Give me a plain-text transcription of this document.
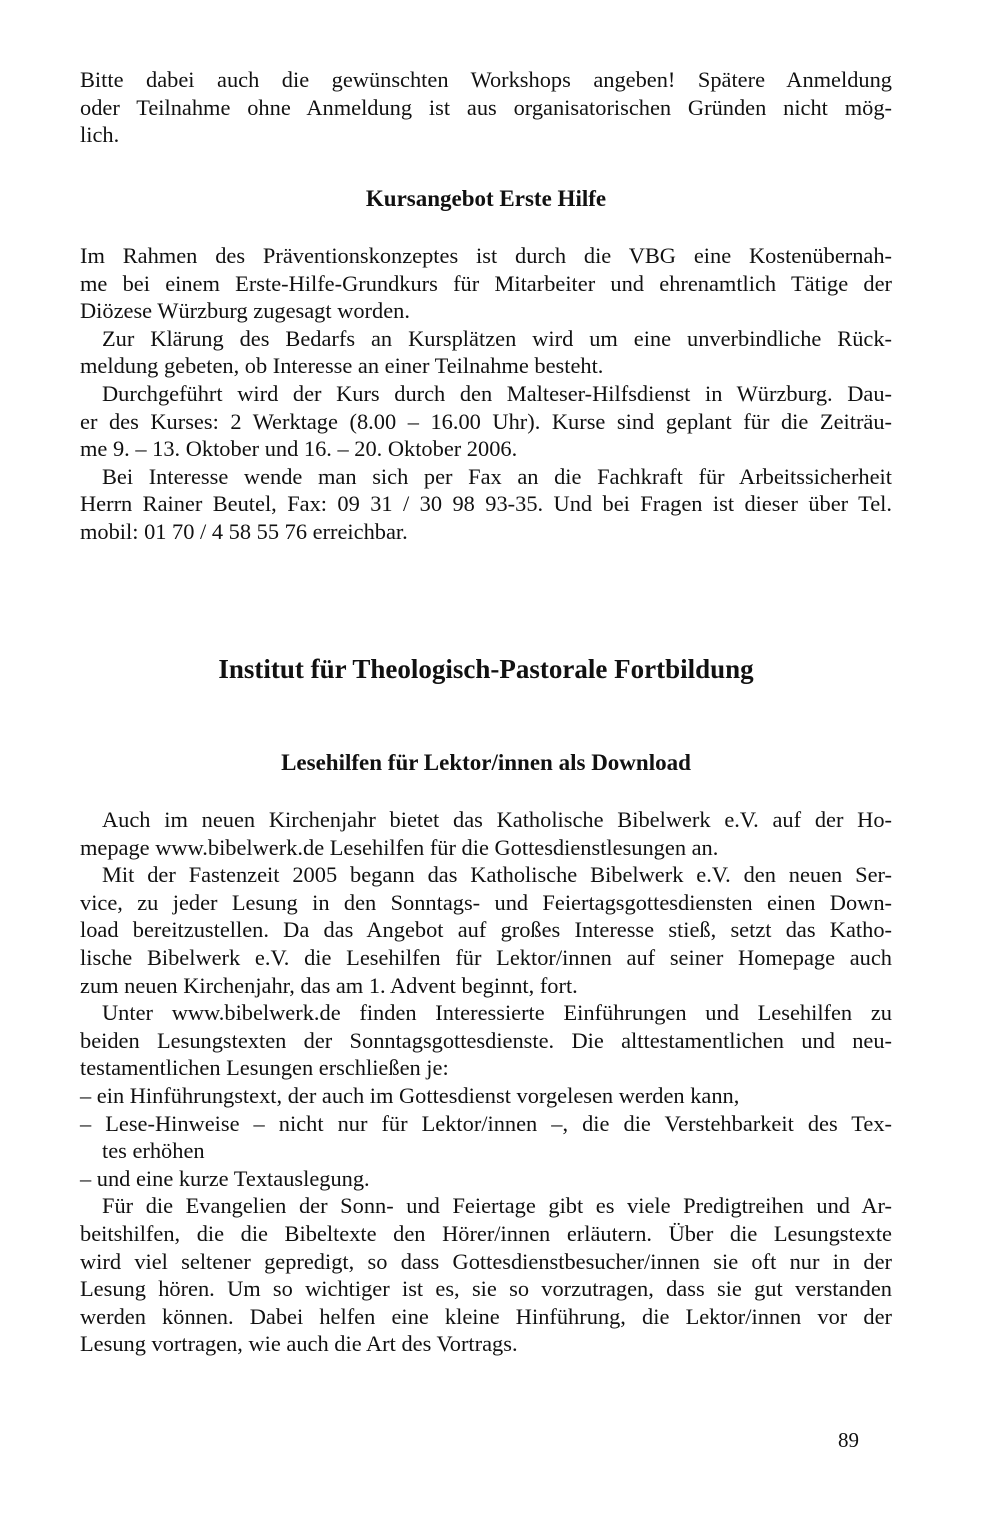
Bitte dabei auch die gewünschten Workshops angeben! Spätere Anmeldung
oder Teilnahme ohne Anmeldung ist aus organisatorischen Gründen nicht mög-
lich.
Kursangebot Erste Hilfe
Im Rahmen des Präventionskonzeptes ist durch die VBG eine Kostenübernah-
me bei einem Erste-Hilfe-Grundkurs für Mitarbeiter und ehrenamtlich Tätige der
Diözese Würzburg zugesagt worden.
Zur Klärung des Bedarfs an Kursplätzen wird um eine unverbindliche Rück-
meldung gebeten, ob Interesse an einer Teilnahme besteht.
Durchgeführt wird der Kurs durch den Malteser-Hilfsdienst in Würzburg. Dau-
er des Kurses: 2 Werktage (8.00 – 16.00 Uhr). Kurse sind geplant für die Zeiträu-
me 9. – 13. Oktober und 16. – 20. Oktober 2006.
Bei Interesse wende man sich per Fax an die Fachkraft für Arbeitssicherheit
Herrn Rainer Beutel, Fax: 09 31 / 30 98 93-35. Und bei Fragen ist dieser über Tel.
mobil: 01 70 / 4 58 55 76 erreichbar.
Institut für Theologisch-Pastorale Fortbildung
Lesehilfen für Lektor/innen als Download
Auch im neuen Kirchenjahr bietet das Katholische Bibelwerk e.V. auf der Ho-
mepage www.bibelwerk.de Lesehilfen für die Gottesdienstlesungen an.
Mit der Fastenzeit 2005 begann das Katholische Bibelwerk e.V. den neuen Ser-
vice, zu jeder Lesung in den Sonntags- und Feiertagsgottesdiensten einen Down-
load bereitzustellen. Da das Angebot auf großes Interesse stieß, setzt das Katho-
lische Bibelwerk e.V. die Lesehilfen für Lektor/innen auf seiner Homepage auch
zum neuen Kirchenjahr, das am 1. Advent beginnt, fort.
Unter www.bibelwerk.de finden Interessierte Einführungen und Lesehilfen zu
beiden Lesungstexten der Sonntagsgottesdienste. Die alttestamentlichen und neu-
testamentlichen Lesungen erschließen je:
– ein Hinführungstext, der auch im Gottesdienst vorgelesen werden kann,
– Lese-Hinweise – nicht nur für Lektor/innen –, die die Verstehbarkeit des Tex-
tes erhöhen
– und eine kurze Textauslegung.
Für die Evangelien der Sonn- und Feiertage gibt es viele Predigtreihen und Ar-
beitshilfen, die die Bibeltexte den Hörer/innen erläutern. Über die Lesungstexte
wird viel seltener gepredigt, so dass Gottesdienstbesucher/innen sie oft nur in der
Lesung hören. Um so wichtiger ist es, sie so vorzutragen, dass sie gut verstanden
werden können. Dabei helfen eine kleine Hinführung, die Lektor/innen vor der
Lesung vortragen, wie auch die Art des Vortrags.
89
